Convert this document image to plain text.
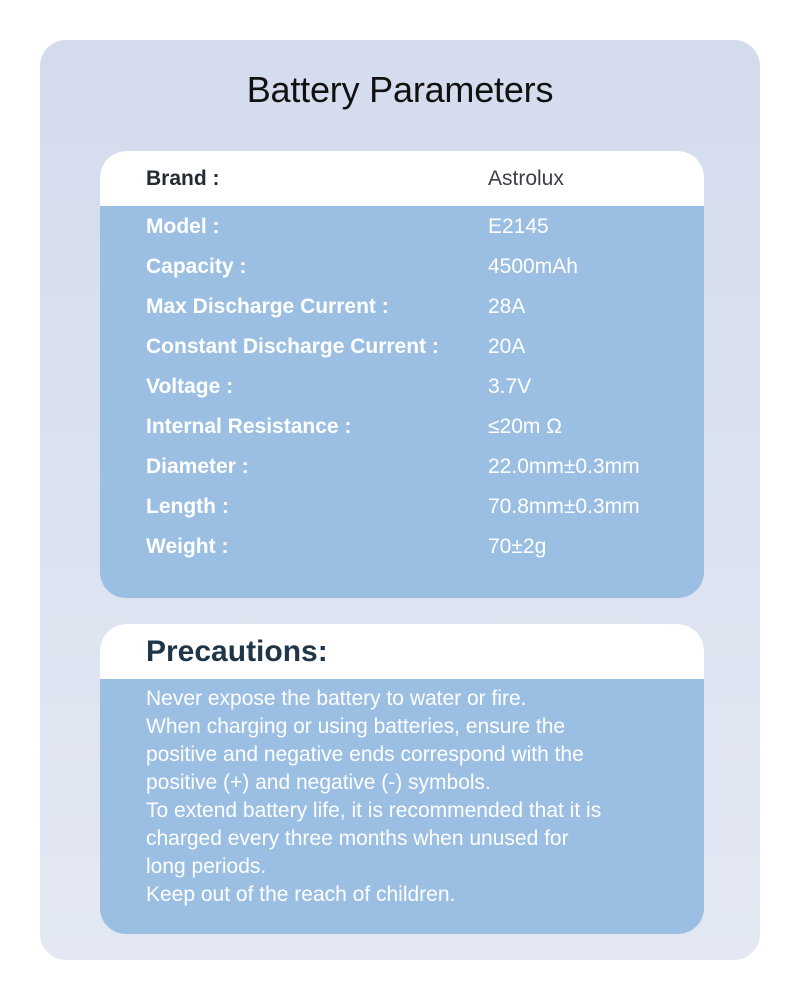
Battery Parameters
Brand :	Astrolux
Model :	E2145
Capacity :	4500mAh
Max Discharge Current :	28A
Constant Discharge Current : 20A
Voltage :	3.7V
Internal Resistance :	≤20m Ω
Diameter :	22.0mm±0.3mm
Length :	70.8mm±0.3mm
Weight :	70±2g
Precautions:
Never expose the battery to water or fire.
When charging or using batteries, ensure the
positive and negative ends correspond with the
positive (+) and negative (-) symbols.
To extend battery life, it is recommended that it is
charged every three months when unused for
long periods.
Keep out of the reach of children.
